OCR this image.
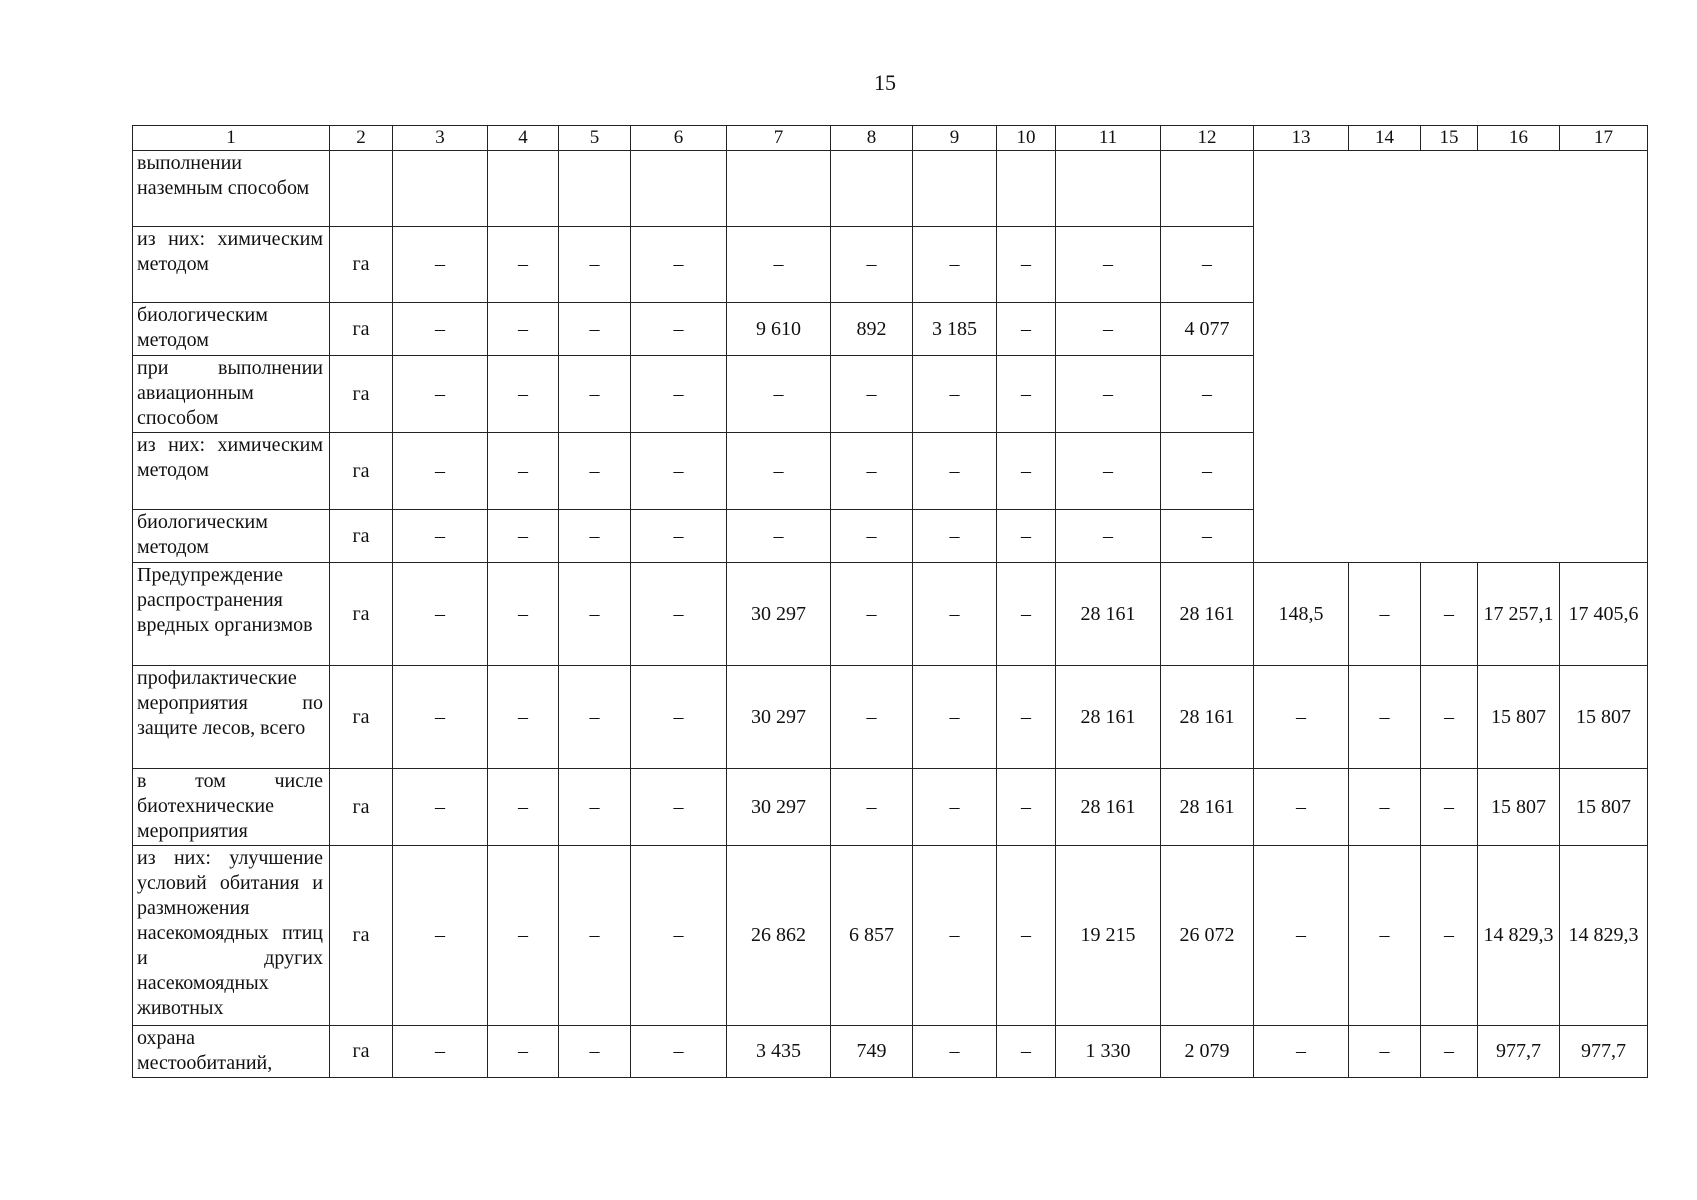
15
1	2	3	4	5	6	7	8	9	10	11	12	13	14	15	16	17
выполнении наземным способом																
из них: химическим методом	га	–	–	–	–	–	–	–	–	–	–					
биологическим методом	га	–	–	–	–	9 610	892	3 185	–	–	4 077					
при выполнении авиационным способом	га	–	–	–	–	–	–	–	–	–	–					
из них: химическим методом	га	–	–	–	–	–	–	–	–	–	–					
биологическим методом	га	–	–	–	–	–	–	–	–	–	–					
Предупреждение распространения вредных организмов	га	–	–	–	–	30 297	–	–	–	28 161	28 161	148,5	–	–	17 257,1	17 405,6
профилактические мероприятия по защите лесов, всего	га	–	–	–	–	30 297	–	–	–	28 161	28 161	–	–	–	15 807	15 807
в том числе биотехнические мероприятия	га	–	–	–	–	30 297	–	–	–	28 161	28 161	–	–	–	15 807	15 807
из них: улучшение условий обитания и размножения насекомоядных птиц и других насекомоядных животных	га	–	–	–	–	26 862	6 857	–	–	19 215	26 072	–	–	–	14 829,3	14 829,3
охрана местообитаний,	га	–	–	–	–	3 435	749	–	–	1 330	2 079	–	–	–	977,7	977,7
